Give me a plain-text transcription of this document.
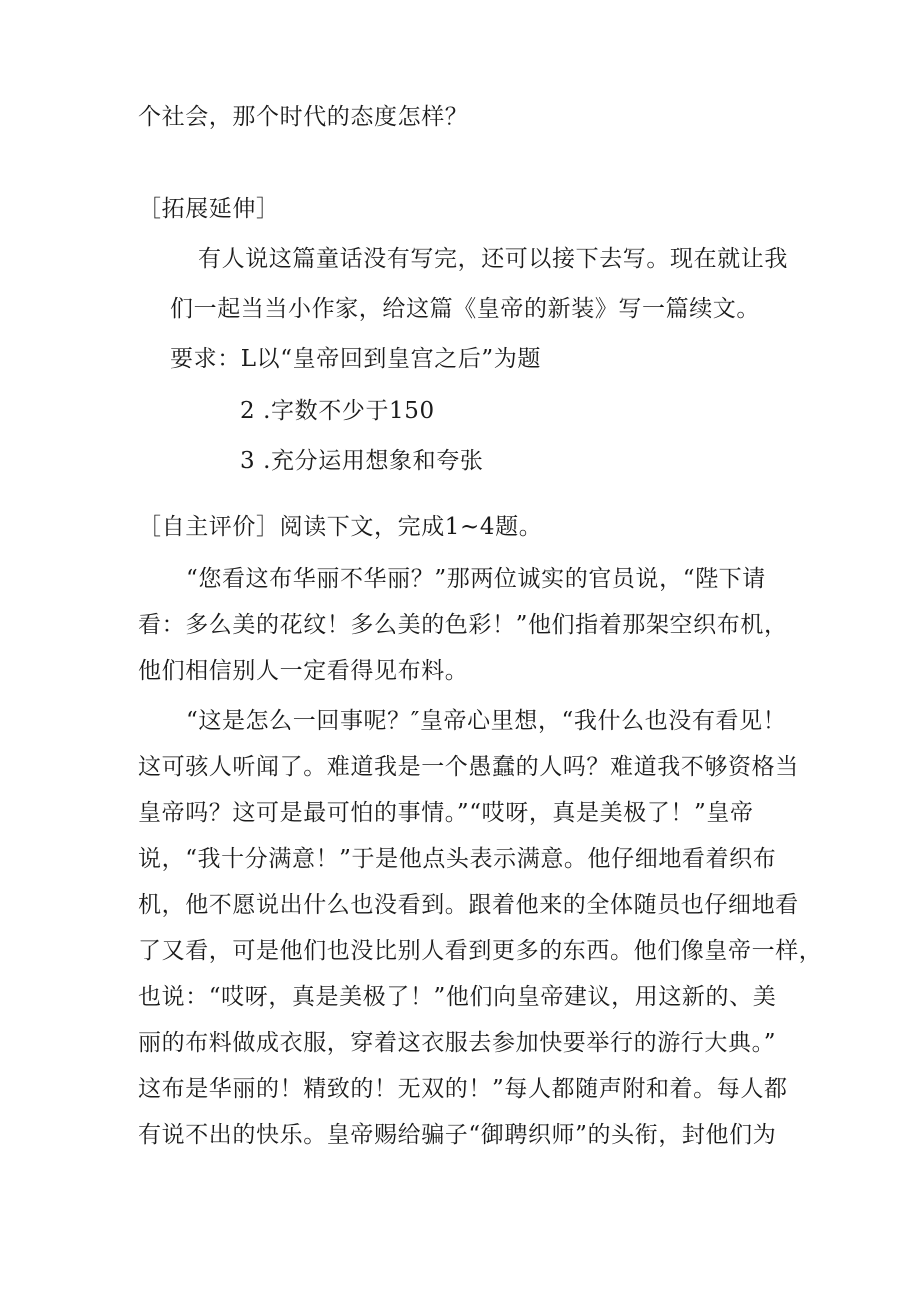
个社会，那个时代的态度怎样？
［拓展延伸］
有人说这篇童话没有写完，还可以接下去写。现在就让我
们一起当当小作家，给这篇《皇帝的新装》写一篇续文。
要求：L以“皇帝回到皇宫之后”为题
2 .字数不少于150
3 .充分运用想象和夸张
［自主评价］阅读下文，完成1~4题。
“您看这布华丽不华丽？”那两位诚实的官员说，“陛下请
看：多么美的花纹！多么美的色彩！”他们指着那架空织布机，
他们相信别人一定看得见布料。
“这是怎么一回事呢？″皇帝心里想，“我什么也没有看见！
这可骇人听闻了。难道我是一个愚蠢的人吗？难道我不够资格当
皇帝吗？这可是最可怕的事情。”“哎呀，真是美极了！”皇帝
说，“我十分满意！”于是他点头表示满意。他仔细地看着织布
机，他不愿说出什么也没看到。跟着他来的全体随员也仔细地看
了又看，可是他们也没比别人看到更多的东西。他们像皇帝一样，
也说：“哎呀，真是美极了！”他们向皇帝建议，用这新的、美
丽的布料做成衣服，穿着这衣服去参加快要举行的游行大典。”
这布是华丽的！精致的！无双的！”每人都随声附和着。每人都
有说不出的快乐。皇帝赐给骗子“御聘织师”的头衔，封他们为
